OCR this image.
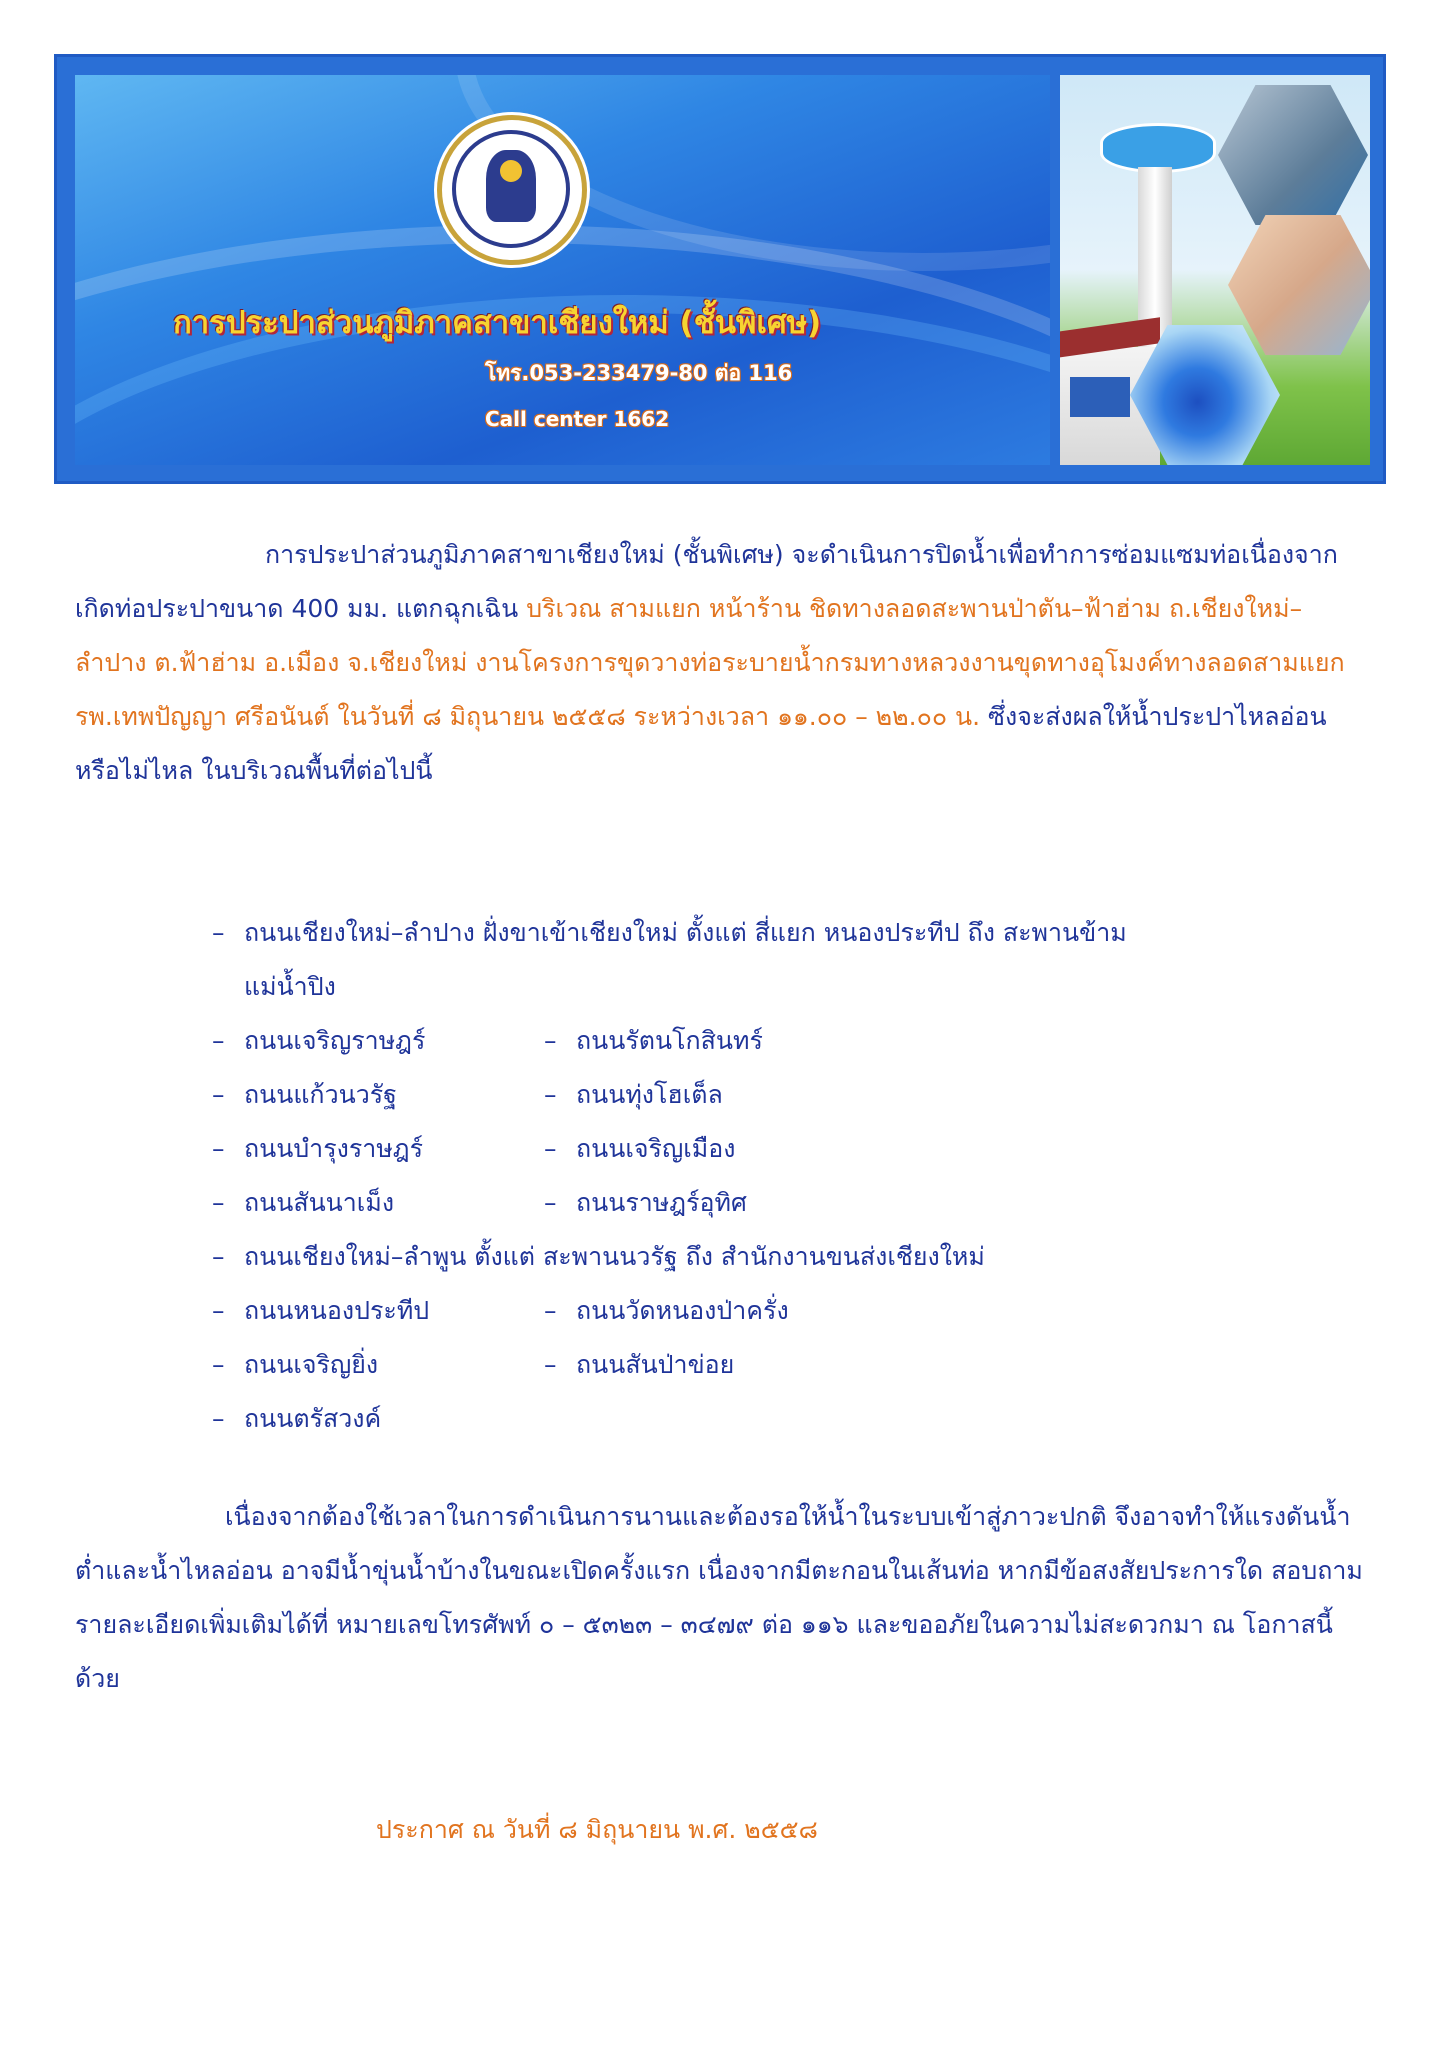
การประปาส่วนภูมิภาคสาขาเชียงใหม่ (ชั้นพิเศษ)
โทร.053-233479-80 ต่อ 116
Call center 1662

การประปาส่วนภูมิภาคสาขาเชียงใหม่ (ชั้นพิเศษ) จะดำเนินการปิดน้ำเพื่อทำการซ่อมแซมท่อเนื่องจากเกิดท่อประปาขนาด 400 มม. แตกฉุกเฉิน บริเวณ สามแยก หน้าร้าน ชิดทางลอดสะพานป่าตัน–ฟ้าฮ่าม ถ.เชียงใหม่–ลำปาง ต.ฟ้าฮ่าม อ.เมือง จ.เชียงใหม่ งานโครงการขุดวางท่อระบายน้ำกรมทางหลวงงานขุดทางอุโมงค์ทางลอดสามแยก รพ.เทพปัญญา ศรีอนันต์ ในวันที่ ๘ มิถุนายน ๒๕๕๘ ระหว่างเวลา ๑๑.๐๐ – ๒๒.๐๐ น. ซึ่งจะส่งผลให้น้ำประปาไหลอ่อนหรือไม่ไหล ในบริเวณพื้นที่ต่อไปนี้

– ถนนเชียงใหม่–ลำปาง ฝั่งขาเข้าเชียงใหม่ ตั้งแต่ สี่แยก หนองประทีป ถึง สะพานข้าม
แม่น้ำปิง
– ถนนเจริญราษฎร์	– ถนนรัตนโกสินทร์
– ถนนแก้วนวรัฐ	– ถนนทุ่งโฮเต็ล
– ถนนบำรุงราษฎร์	– ถนนเจริญเมือง
– ถนนสันนาเม็ง	– ถนนราษฎร์อุทิศ
– ถนนเชียงใหม่–ลำพูน ตั้งแต่ สะพานนวรัฐ ถึง สำนักงานขนส่งเชียงใหม่
– ถนนหนองประทีป	– ถนนวัดหนองป่าครั่ง
– ถนนเจริญยิ่ง	– ถนนสันป่าข่อย
– ถนนตรัสวงค์

เนื่องจากต้องใช้เวลาในการดำเนินการนานและต้องรอให้น้ำในระบบเข้าสู่ภาวะปกติ จึงอาจทำให้แรงดันน้ำต่ำและน้ำไหลอ่อน อาจมีน้ำขุ่นน้ำบ้างในขณะเปิดครั้งแรก เนื่องจากมีตะกอนในเส้นท่อ หากมีข้อสงสัยประการใด สอบถามรายละเอียดเพิ่มเติมได้ที่ หมายเลขโทรศัพท์ ๐ – ๕๓๒๓ – ๓๔๗๙ ต่อ ๑๑๖ และขออภัยในความไม่สะดวกมา ณ โอกาสนี้ด้วย

ประกาศ ณ วันที่ ๘ มิถุนายน พ.ศ. ๒๕๕๘
